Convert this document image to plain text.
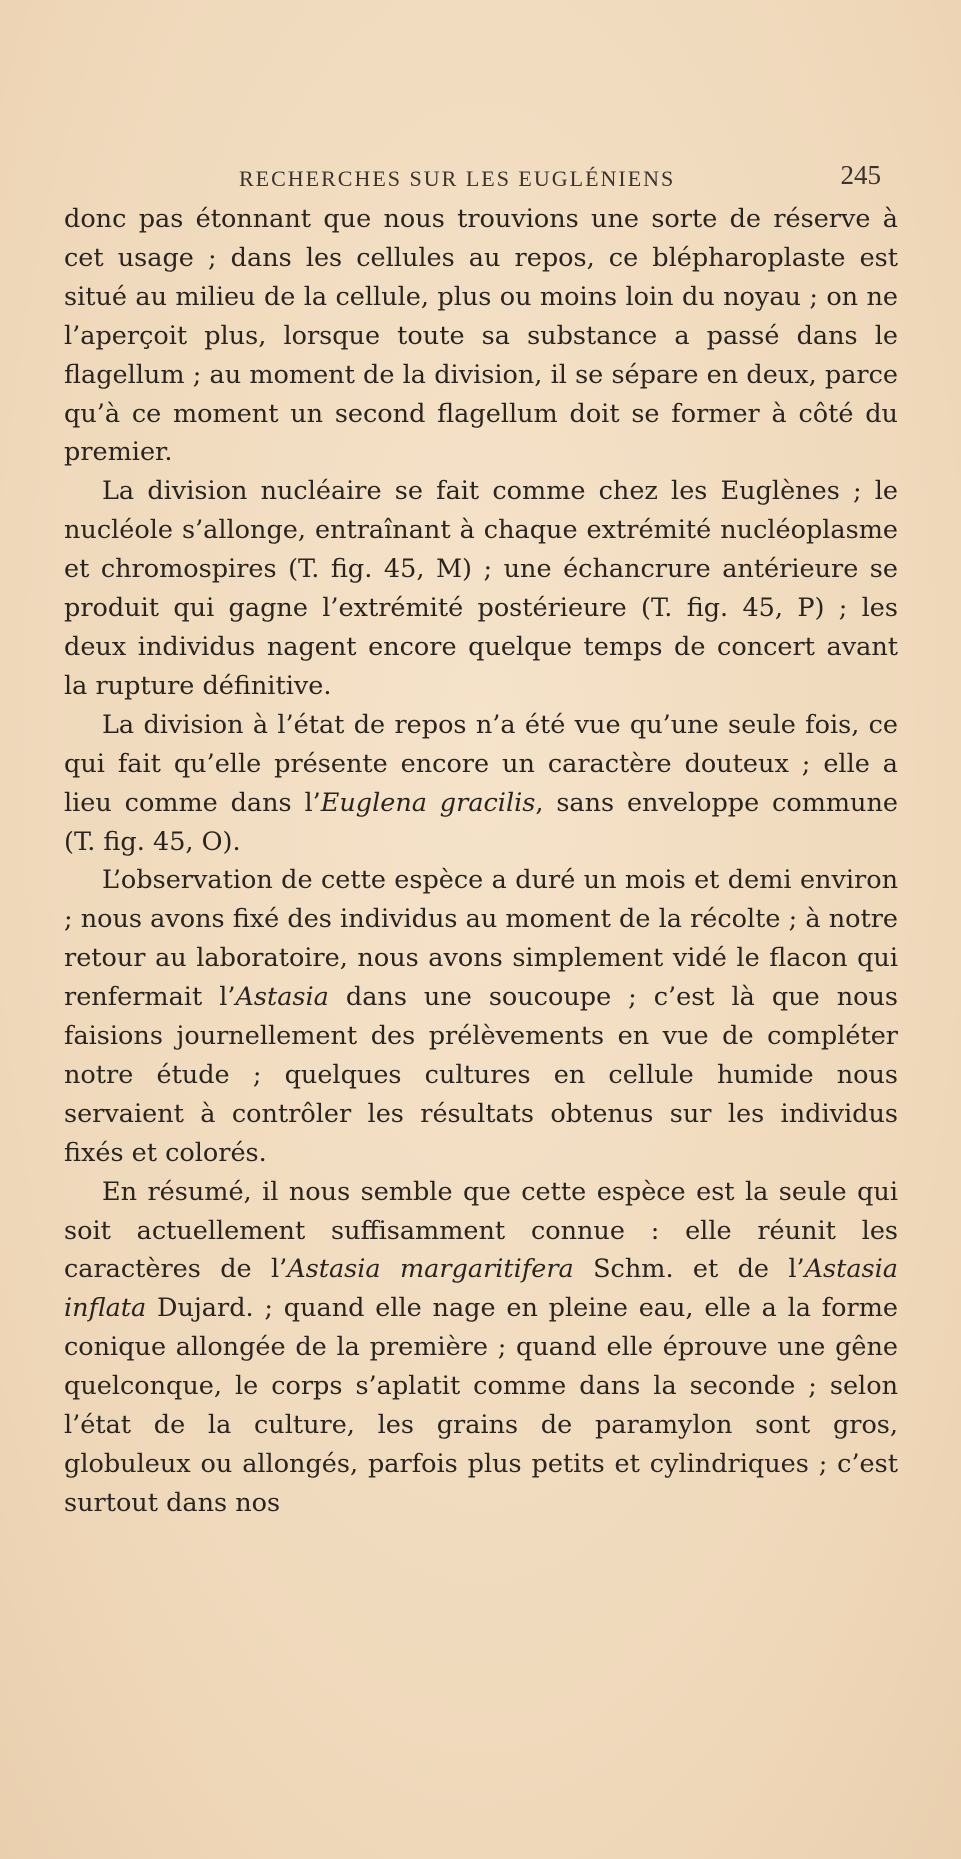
RECHERCHES SUR LES EUGLÉNIENS	245

donc pas étonnant que nous trouvions une sorte de réserve à cet usage ; dans les cellules au repos, ce blépharoplaste est situé au milieu de la cellule, plus ou moins loin du noyau ; on ne l’aperçoit plus, lorsque toute sa substance a passé dans le flagellum ; au moment de la division, il se sépare en deux, parce qu’à ce moment un second flagellum doit se former à côté du premier.

La division nucléaire se fait comme chez les Euglènes ; le nucléole s’allonge, entraînant à chaque extrémité nucléoplasme et chromospires (T. fig. 45, M) ; une échancrure antérieure se produit qui gagne l’extrémité postérieure (T. fig. 45, P) ; les deux individus nagent encore quelque temps de concert avant la rupture définitive.

La division à l’état de repos n’a été vue qu’une seule fois, ce qui fait qu’elle présente encore un caractère douteux ; elle a lieu comme dans l’Euglena gracilis, sans enveloppe commune (T. fig. 45, O).

L’observation de cette espèce a duré un mois et demi environ ; nous avons fixé des individus au moment de la récolte ; à notre retour au laboratoire, nous avons simplement vidé le flacon qui renfermait l’Astasia dans une soucoupe ; c’est là que nous faisions journellement des prélèvements en vue de compléter notre étude ; quelques cultures en cellule humide nous servaient à contrôler les résultats obtenus sur les individus fixés et colorés.

En résumé, il nous semble que cette espèce est la seule qui soit actuellement suffisamment connue : elle réunit les caractères de l’Astasia margaritifera Schm. et de l’Astasia inflata Dujard. ; quand elle nage en pleine eau, elle a la forme conique allongée de la première ; quand elle éprouve une gêne quelconque, le corps s’aplatit comme dans la seconde ; selon l’état de la culture, les grains de paramylon sont gros, globuleux ou allongés, parfois plus petits et cylindriques ; c’est surtout dans nos
